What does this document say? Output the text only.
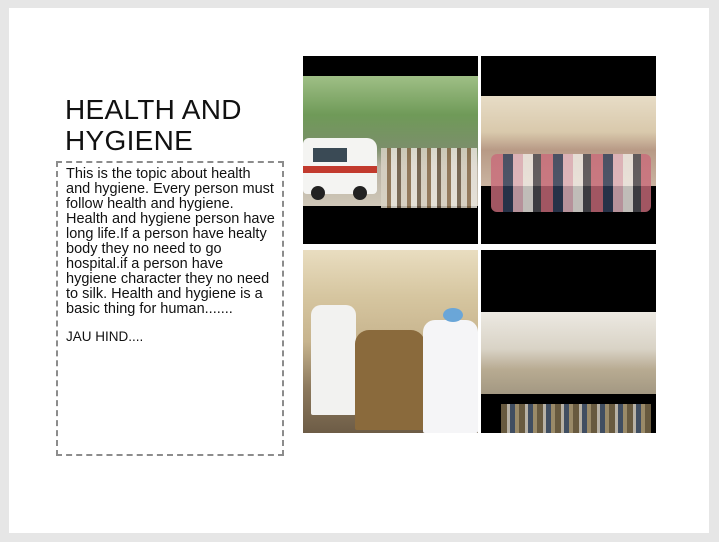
HEALTH AND HYGIENE

This is the topic about health and hygiene. Every person must follow health and hygiene. Health and hygiene person have long life.If a person have healty body they no need to go hospital.if a person have hygiene character they no need to silk. Health and hygiene is a basic thing for human.......

JAU HIND....
